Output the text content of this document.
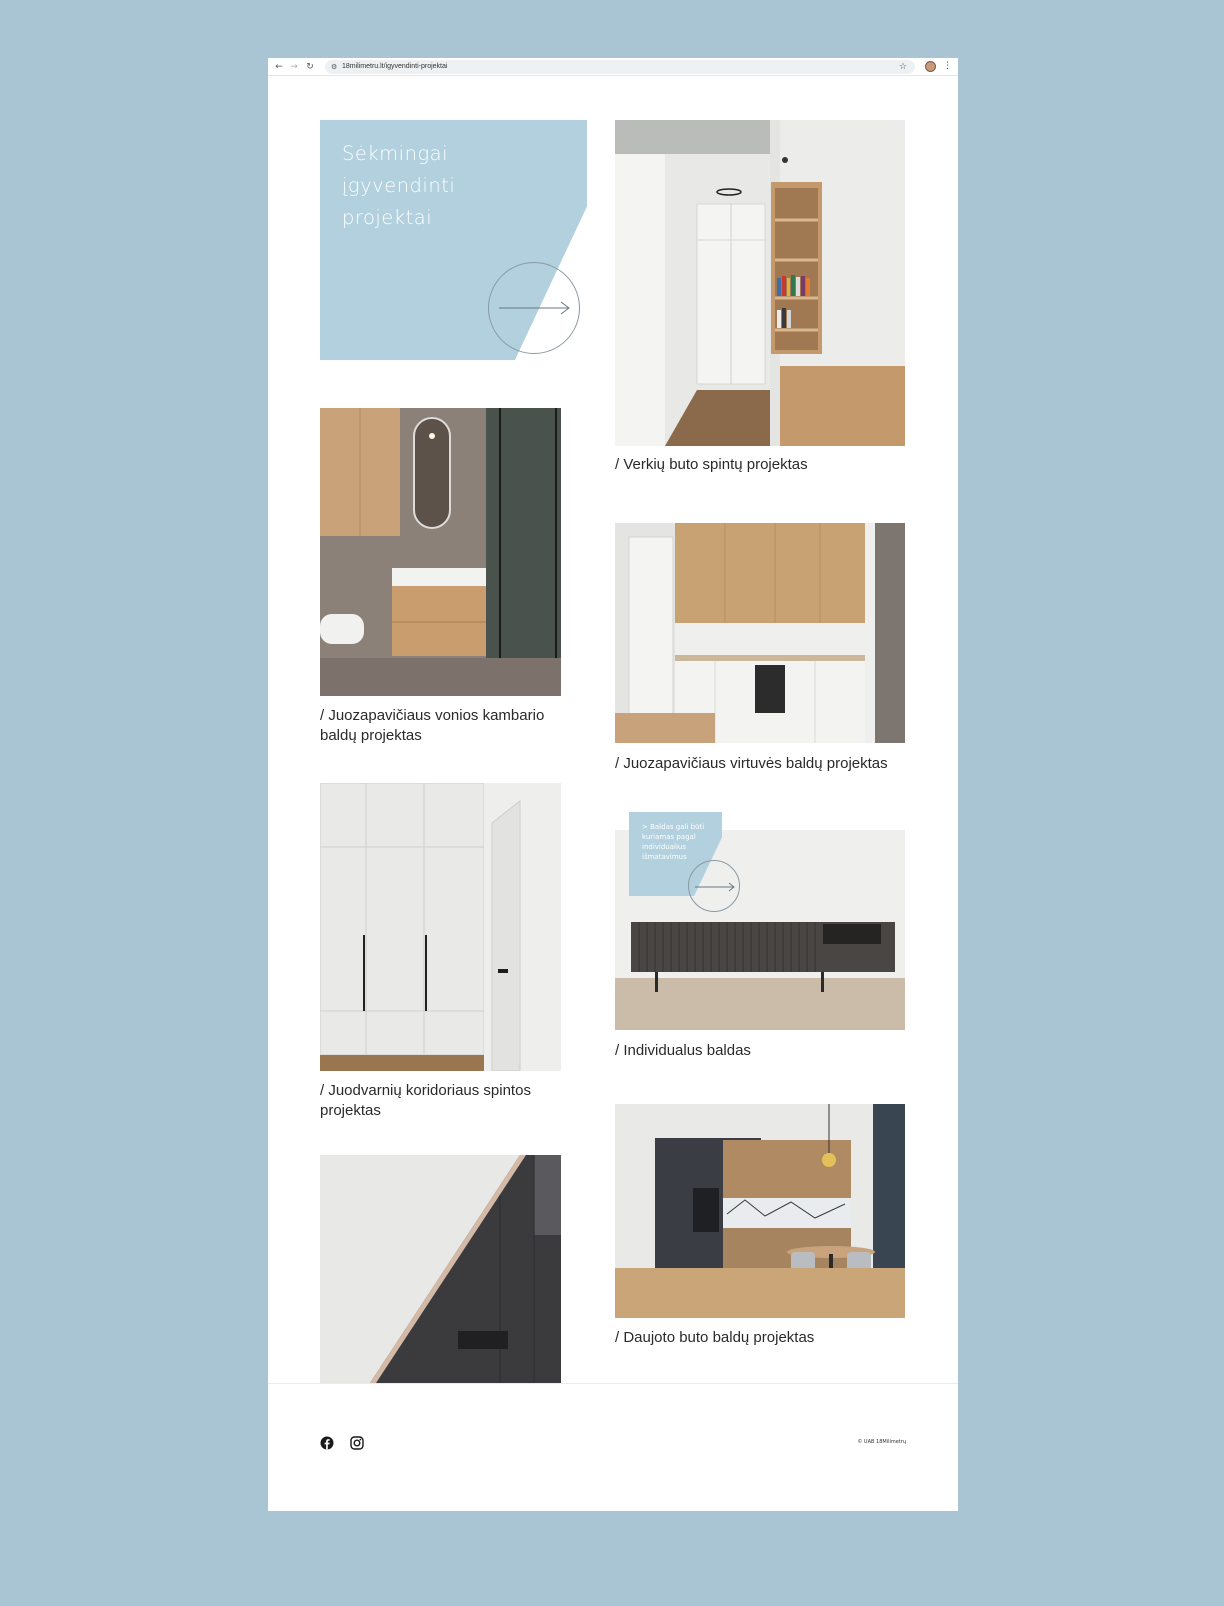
← → ↻	⚙ 18milimetru.lt/igyvendinti-projektai	☆	⋮
Sėkmingai įgyvendinti projektai
/ Verkių buto spintų projektas
/ Juozapavičiaus vonios kambario baldų projektas
/ Juozapavičiaus virtuvės baldų projektas
> Baldas gali būti kuriamas pagal individualius išmatavimus
/ Individualus baldas
/ Juodvarnių koridoriaus spintos projektas
/ Daujoto buto baldų projektas
© UAB 18Milimetrų
